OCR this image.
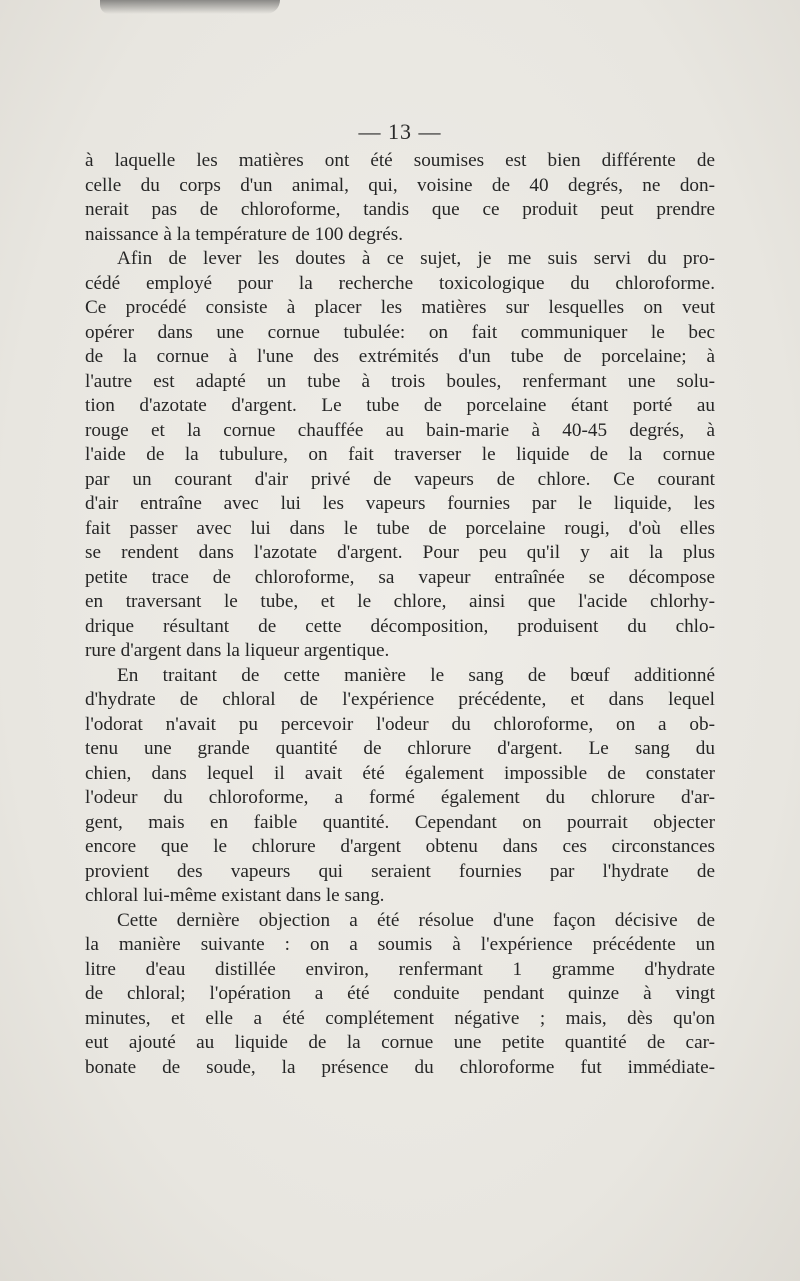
— 13 —
à laquelle les matières ont été soumises est bien différente de
celle du corps d'un animal, qui, voisine de 40 degrés, ne don-
nerait pas de chloroforme, tandis que ce produit peut prendre
naissance à la température de 100 degrés.
Afin de lever les doutes à ce sujet, je me suis servi du pro-
cédé employé pour la recherche toxicologique du chloroforme.
Ce procédé consiste à placer les matières sur lesquelles on veut
opérer dans une cornue tubulée: on fait communiquer le bec
de la cornue à l'une des extrémités d'un tube de porcelaine; à
l'autre est adapté un tube à trois boules, renfermant une solu-
tion d'azotate d'argent. Le tube de porcelaine étant porté au
rouge et la cornue chauffée au bain-marie à 40-45 degrés, à
l'aide de la tubulure, on fait traverser le liquide de la cornue
par un courant d'air privé de vapeurs de chlore. Ce courant
d'air entraîne avec lui les vapeurs fournies par le liquide, les
fait passer avec lui dans le tube de porcelaine rougi, d'où elles
se rendent dans l'azotate d'argent. Pour peu qu'il y ait la plus
petite trace de chloroforme, sa vapeur entraînée se décompose
en traversant le tube, et le chlore, ainsi que l'acide chlorhy-
drique résultant de cette décomposition, produisent du chlo-
rure d'argent dans la liqueur argentique.
En traitant de cette manière le sang de bœuf additionné
d'hydrate de chloral de l'expérience précédente, et dans lequel
l'odorat n'avait pu percevoir l'odeur du chloroforme, on a ob-
tenu une grande quantité de chlorure d'argent. Le sang du
chien, dans lequel il avait été également impossible de constater
l'odeur du chloroforme, a formé également du chlorure d'ar-
gent, mais en faible quantité. Cependant on pourrait objecter
encore que le chlorure d'argent obtenu dans ces circonstances
provient des vapeurs qui seraient fournies par l'hydrate de
chloral lui-même existant dans le sang.
Cette dernière objection a été résolue d'une façon décisive de
la manière suivante : on a soumis à l'expérience précédente un
litre d'eau distillée environ, renfermant 1 gramme d'hydrate
de chloral; l'opération a été conduite pendant quinze à vingt
minutes, et elle a été complétement négative ; mais, dès qu'on
eut ajouté au liquide de la cornue une petite quantité de car-
bonate de soude, la présence du chloroforme fut immédiate-
